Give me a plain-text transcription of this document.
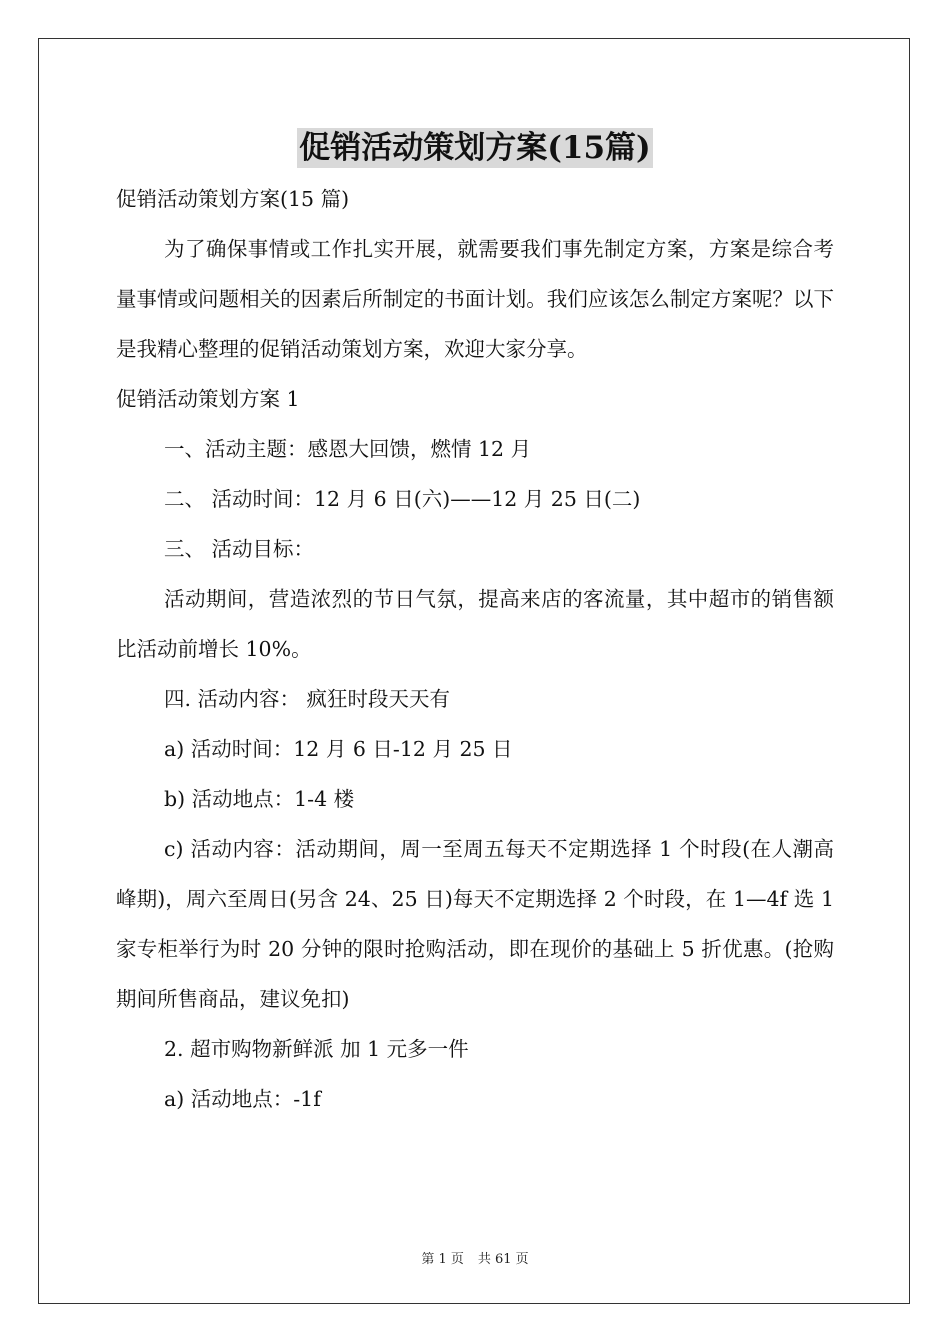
促销活动策划方案(15篇)

促销活动策划方案(15 篇)

为了确保事情或工作扎实开展，就需要我们事先制定方案，方案是综合考量事情或问题相关的因素后所制定的书面计划。我们应该怎么制定方案呢？以下是我精心整理的促销活动策划方案，欢迎大家分享。

促销活动策划方案 1

一、活动主题：感恩大回馈，燃情 12 月

二、 活动时间：12 月 6 日(六)——12 月 25 日(二)

三、 活动目标：

活动期间，营造浓烈的节日气氛，提高来店的客流量，其中超市的销售额比活动前增长 10%。

四. 活动内容： 疯狂时段天天有

a) 活动时间：12 月 6 日-12 月 25 日

b) 活动地点：1-4 楼

c) 活动内容：活动期间，周一至周五每天不定期选择 1 个时段(在人潮高峰期)，周六至周日(另含 24、25 日)每天不定期选择 2 个时段，在 1—4f 选 1 家专柜举行为时 20 分钟的限时抢购活动，即在现价的基础上 5 折优惠。(抢购期间所售商品，建议免扣)

2. 超市购物新鲜派 加 1 元多一件

a) 活动地点：-1f

第 1 页 共 61 页
